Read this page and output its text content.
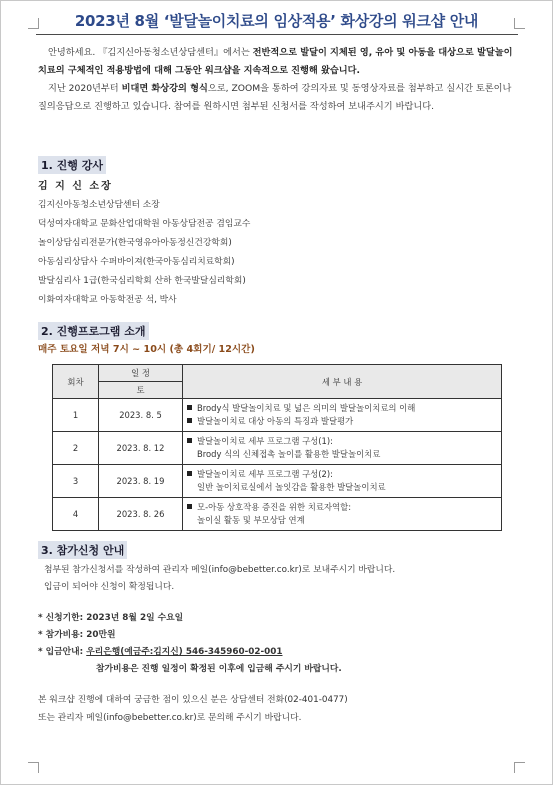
2023년 8월 ‘발달놀이치료의 임상적용’ 화상강의 워크샵 안내
안녕하세요. 『김지신아동청소년상담센터』에서는 전반적으로 발달이 지체된 영, 유아 및 아동을 대상으로 발달놀이치료의 구체적인 적용방법에 대해 그동안 워크샵을 지속적으로 진행해 왔습니다.
지난 2020년부터 비대면 화상강의 형식으로, ZOOM을 통하여 강의자료 및 동영상자료를 첨부하고 실시간 토론이나 질의응답으로 진행하고 있습니다. 참여를 원하시면 첨부된 신청서를 작성하여 보내주시기 바랍니다.
1. 진행 강사
김 지 신 소장
김지신아동청소년상담센터 소장
덕성여자대학교 문화산업대학원 아동상담전공 겸임교수
놀이상담심리전문가(한국영유아아동정신건강학회)
아동심리상담사 수퍼바이져(한국아동심리치료학회)
발달심리사 1급(한국심리학회 산하 한국발달심리학회)
이화여자대학교 아동학전공 석, 박사
2. 진행프로그램 소개
매주 토요일 저녁 7시 ~ 10시 (총 4회기/ 12시간)
회차	일 정	세 부 내 용
	토	
1	2023. 8. 5	Brody식 발달놀이치료 및 넓은 의미의 발달놀이치료의 이해
발달놀이치료 대상 아동의 특징과 발달평가

2	2023. 8. 12	발달놀이치료 세부 프로그램 구성(1):
Brody 식의 신체접촉 놀이를 활용한 발달놀이치료

3	2023. 8. 19	발달놀이치료 세부 프로그램 구성(2):
일반 놀이치료실에서 놀잇감을 활용한 발달놀이치료

4	2023. 8. 26	모-아동 상호작용 증진을 위한 치료자역할:
놀이실 활동 및 부모상담 연계
3. 참가신청 안내
첨부된 참가신청서를 작성하여 관리자 메일(info@bebetter.co.kr)로 보내주시기 바랍니다.
입금이 되어야 신청이 확정됩니다.
* 신청기한: 2023년 8월 2일 수요일
* 참가비용: 20만원
* 입금안내: 우리은행(예금주:김지신) 546-345960-02-001
참가비용은 진행 일정이 확정된 이후에 입금해 주시기 바랍니다.
본 워크샵 진행에 대하여 궁금한 점이 있으신 분은 상담센터 전화(02-401-0477)
또는 관리자 메일(info@bebetter.co.kr)로 문의해 주시기 바랍니다.
